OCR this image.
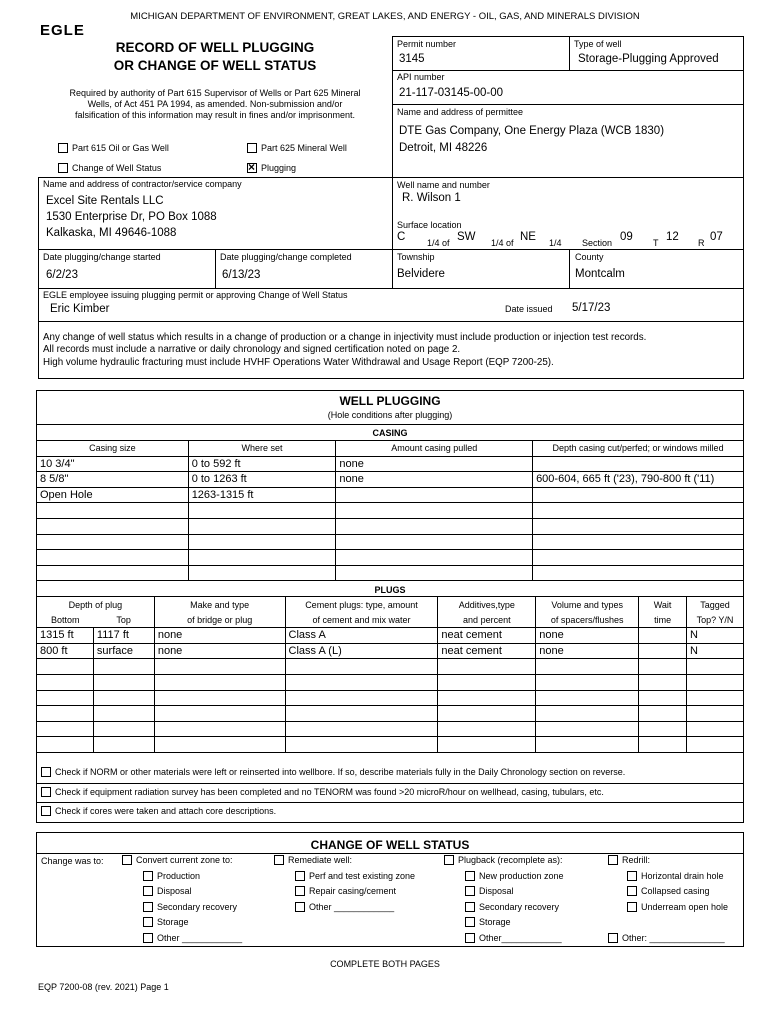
MICHIGAN DEPARTMENT OF ENVIRONMENT, GREAT LAKES, AND ENERGY - OIL, GAS, AND MINERALS DIVISION
EGLE
RECORD OF WELL PLUGGING
OR CHANGE OF WELL STATUS
Required by authority of Part 615 Supervisor of Wells or Part 625 Mineral
Wells, of Act 451 PA 1994, as amended. Non-submission and/or
falsification of this information may result in fines and/or imprisonment.
Part 615 Oil or Gas Well	Part 625 Mineral Well
Change of Well Status ×	Plugging
Permit number
3145
Type of well
Storage-Plugging Approved
API number
21-117-03145-00-00
Name and address of permittee
DTE Gas Company, One Energy Plaza (WCB 1830)
Detroit, MI 48226
Name and address of contractor/service company
Excel Site Rentals LLC
1530 Enterprise Dr, PO Box 1088
Kalkaska, MI 49646-1088
Well name and number
R. Wilson 1
Surface location
C 1/4 of SW 1/4 of NE 1/4 Section 09 T 12 R 07
Date plugging/change started
6/2/23
Date plugging/change completed
6/13/23
Township
Belvidere
County
Montcalm
EGLE employee issuing plugging permit or approving Change of Well Status
Eric Kimber	Date issued 5/17/23
Any change of well status which results in a change of production or a change in injectivity must include production or injection test records.
All records must include a narrative or daily chronology and signed certification noted on page 2.
High volume hydraulic fracturing must include HVHF Operations Water Withdrawal and Usage Report (EQP 7200-25).
WELL PLUGGING
(Hole conditions after plugging)
CASING
Casing size	Where set	Amount casing pulled	Depth casing cut/perfed; or windows milled
10 3/4"	0 to 592 ft	none	
8 5/8"	0 to 1263 ft	none	600-604, 665 ft ('23), 790-800 ft ('11)
Open Hole	1263-1315 ft		

PLUGS
Depth of plug		Make and type	Cement plugs: type, amount	Additives,type	Volume and types	Wait	Tagged
Bottom	Top	of bridge or plug	of cement and mix water	and percent	of spacers/flushes	time	Top? Y/N
1315 ft	1117 ft	none	Class A	neat cement	none		N
800 ft	surface	none	Class A (L)	neat cement	none		N

Check if NORM or other materials were left or reinserted into wellbore. If so, describe materials fully in the Daily Chronology section on reverse.
Check if equipment radiation survey has been completed and no TENORM was found >20 microR/hour on wellhead, casing, tubulars, etc.
Check if cores were taken and attach core descriptions.
CHANGE OF WELL STATUS
Change was to:	Convert current zone to:
Production
Disposal
Secondary recovery
Storage
Other ____________
Remediate well:
Perf and test existing zone
Repair casing/cement
Other ____________
Plugback (recomplete as):
New production zone
Disposal
Secondary recovery
Storage
Other____________
Redrill:
Horizontal drain hole
Collapsed casing
Underream open hole
Other: _______________
COMPLETE BOTH PAGES
EQP 7200-08 (rev. 2021) Page 1
